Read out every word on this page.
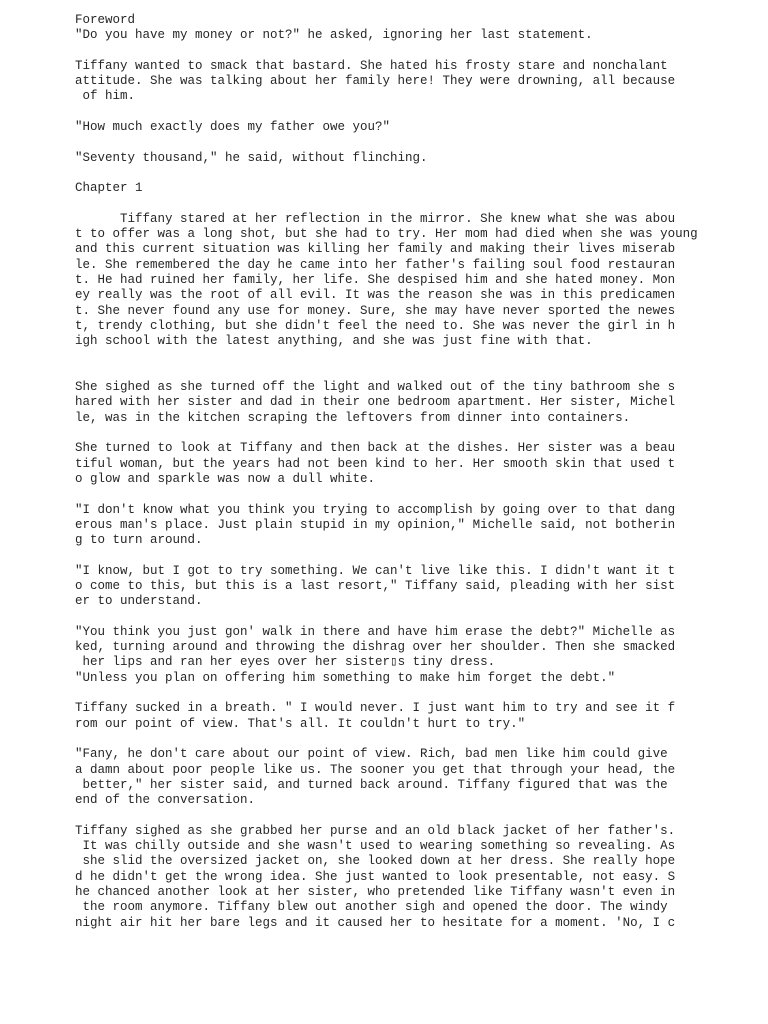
Foreword
"Do you have my money or not?" he asked, ignoring her last statement.
Tiffany wanted to smack that bastard. She hated his frosty stare and nonchalant
attitude. She was talking about her family here! They were drowning, all because
of him.
"How much exactly does my father owe you?"
"Seventy thousand," he said, without flinching.
Chapter 1
Tiffany stared at her reflection in the mirror. She knew what she was abou
t to offer was a long shot, but she had to try. Her mom had died when she was young
and this current situation was killing her family and making their lives miserab
le. She remembered the day he came into her father's failing soul food restauran
t. He had ruined her family, her life. She despised him and she hated money. Mon
ey really was the root of all evil. It was the reason she was in this predicamen
t. She never found any use for money. Sure, she may have never sported the newes
t, trendy clothing, but she didn't feel the need to. She was never the girl in h
igh school with the latest anything, and she was just fine with that.
She sighed as she turned off the light and walked out of the tiny bathroom she s
hared with her sister and dad in their one bedroom apartment. Her sister, Michel
le, was in the kitchen scraping the leftovers from dinner into containers.
She turned to look at Tiffany and then back at the dishes. Her sister was a beau
tiful woman, but the years had not been kind to her. Her smooth skin that used t
o glow and sparkle was now a dull white.
"I don't know what you think you trying to accomplish by going over to that dang
erous man's place. Just plain stupid in my opinion," Michelle said, not botherin
g to turn around.
"I know, but I got to try something. We can't live like this. I didn't want it t
o come to this, but this is a last resort," Tiffany said, pleading with her sist
er to understand.
"You think you just gon' walk in there and have him erase the debt?" Michelle as
ked, turning around and throwing the dishrag over her shoulder. Then she smacked
her lips and ran her eyes over her sister▯s tiny dress.
"Unless you plan on offering him something to make him forget the debt."
Tiffany sucked in a breath. " I would never. I just want him to try and see it f
rom our point of view. That's all. It couldn't hurt to try."
"Fany, he don't care about our point of view. Rich, bad men like him could give
a damn about poor people like us. The sooner you get that through your head, the
better," her sister said, and turned back around. Tiffany figured that was the
end of the conversation.
Tiffany sighed as she grabbed her purse and an old black jacket of her father's.
It was chilly outside and she wasn't used to wearing something so revealing. As
she slid the oversized jacket on, she looked down at her dress. She really hope
d he didn't get the wrong idea. She just wanted to look presentable, not easy. S
he chanced another look at her sister, who pretended like Tiffany wasn't even in
the room anymore. Tiffany blew out another sigh and opened the door. The windy
night air hit her bare legs and it caused her to hesitate for a moment. 'No, I c
